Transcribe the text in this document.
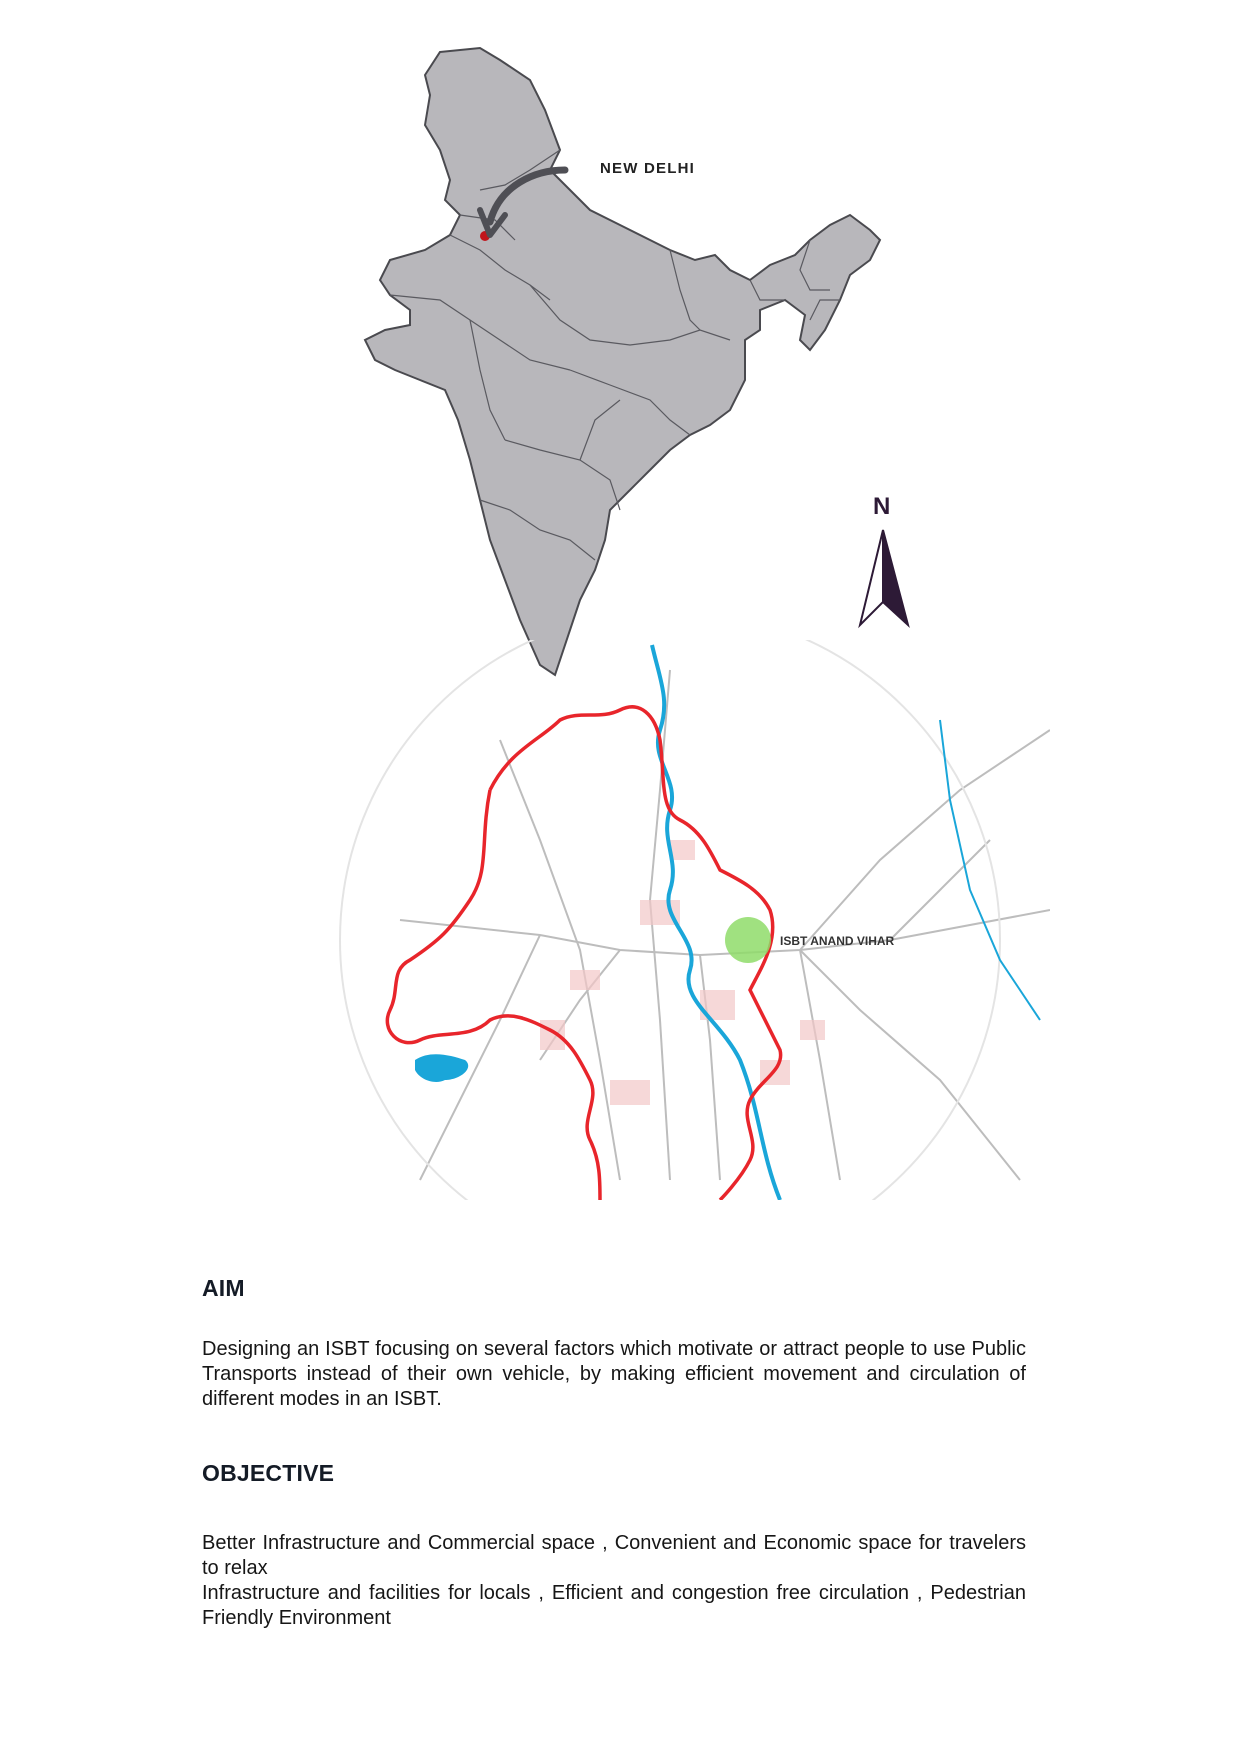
NEW DELHI
N
ISBT ANAND VIHAR
AIM
Designing an ISBT focusing on several factors which motivate or attract people to use Public Transports instead of their own vehicle, by making efficient movement and circulation of different modes in an ISBT.
OBJECTIVE
Better Infrastructure and Commercial space , Convenient and Economic space for travelers to relax
Infrastructure and facilities for locals , Efficient and congestion free circulation , Pedestrian Friendly Environment
